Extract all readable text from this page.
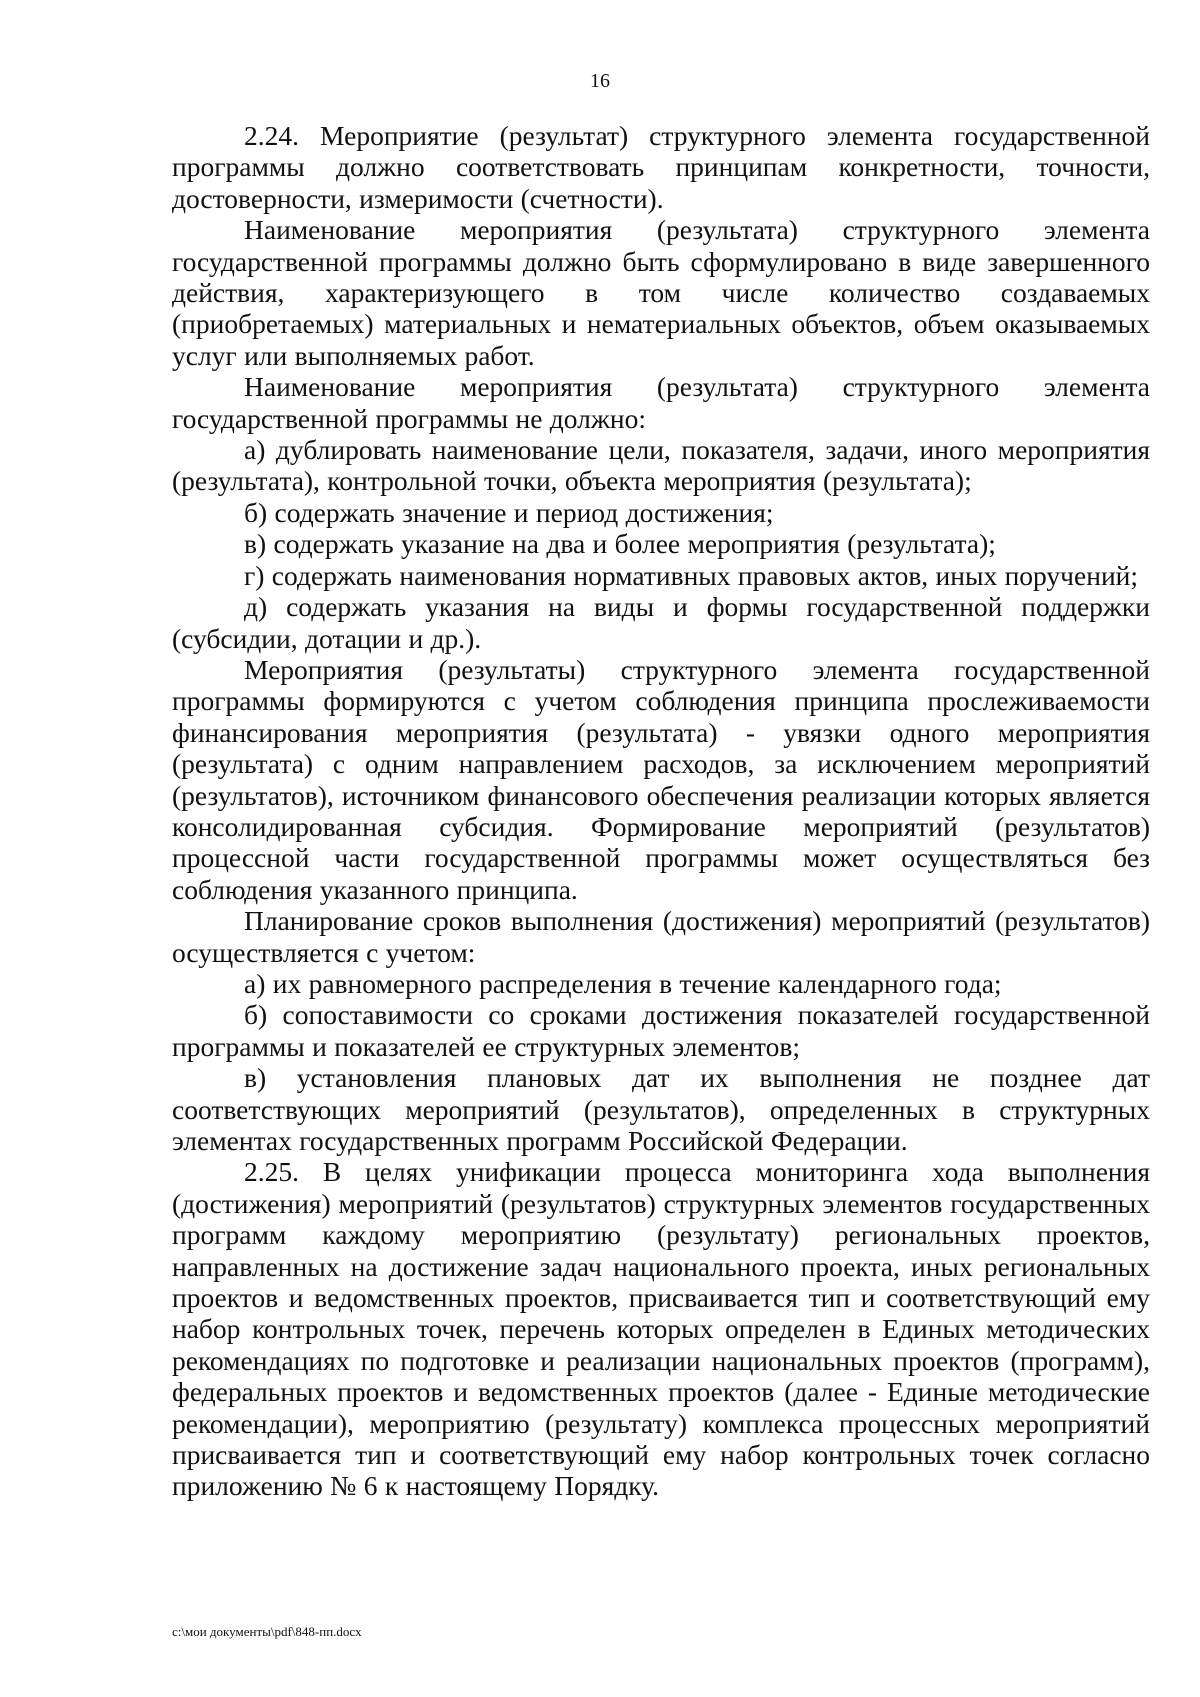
16

2.24. Мероприятие (результат) структурного элемента государственной программы должно соответствовать принципам конкретности, точности, достоверности, измеримости (счетности).

Наименование мероприятия (результата) структурного элемента государственной программы должно быть сформулировано в виде завершенного действия, характеризующего в том числе количество создаваемых (приобретаемых) материальных и нематериальных объектов, объем оказываемых услуг или выполняемых работ.

Наименование мероприятия (результата) структурного элемента государственной программы не должно:

а) дублировать наименование цели, показателя, задачи, иного мероприятия (результата), контрольной точки, объекта мероприятия (результата);

б) содержать значение и период достижения;

в) содержать указание на два и более мероприятия (результата);

г) содержать наименования нормативных правовых актов, иных поручений;

д) содержать указания на виды и формы государственной поддержки (субсидии, дотации и др.).

Мероприятия (результаты) структурного элемента государственной программы формируются с учетом соблюдения принципа прослеживаемости финансирования мероприятия (результата) - увязки одного мероприятия (результата) с одним направлением расходов, за исключением мероприятий (результатов), источником финансового обеспечения реализации которых является консолидированная субсидия. Формирование мероприятий (результатов) процессной части государственной программы может осуществляться без соблюдения указанного принципа.

Планирование сроков выполнения (достижения) мероприятий (результатов) осуществляется с учетом:

а) их равномерного распределения в течение календарного года;

б) сопоставимости со сроками достижения показателей государственной программы и показателей ее структурных элементов;

в) установления плановых дат их выполнения не позднее дат соответствующих мероприятий (результатов), определенных в структурных элементах государственных программ Российской Федерации.

2.25. В целях унификации процесса мониторинга хода выполнения (достижения) мероприятий (результатов) структурных элементов государственных программ каждому мероприятию (результату) региональных проектов, направленных на достижение задач национального проекта, иных региональных проектов и ведомственных проектов, присваивается тип и соответствующий ему набор контрольных точек, перечень которых определен в Единых методических рекомендациях по подготовке и реализации национальных проектов (программ), федеральных проектов и ведомственных проектов (далее - Единые методические рекомендации), мероприятию (результату) комплекса процессных мероприятий присваивается тип и соответствующий ему набор контрольных точек согласно приложению № 6 к настоящему Порядку.

c:\мои документы\pdf\848-пп.docx
